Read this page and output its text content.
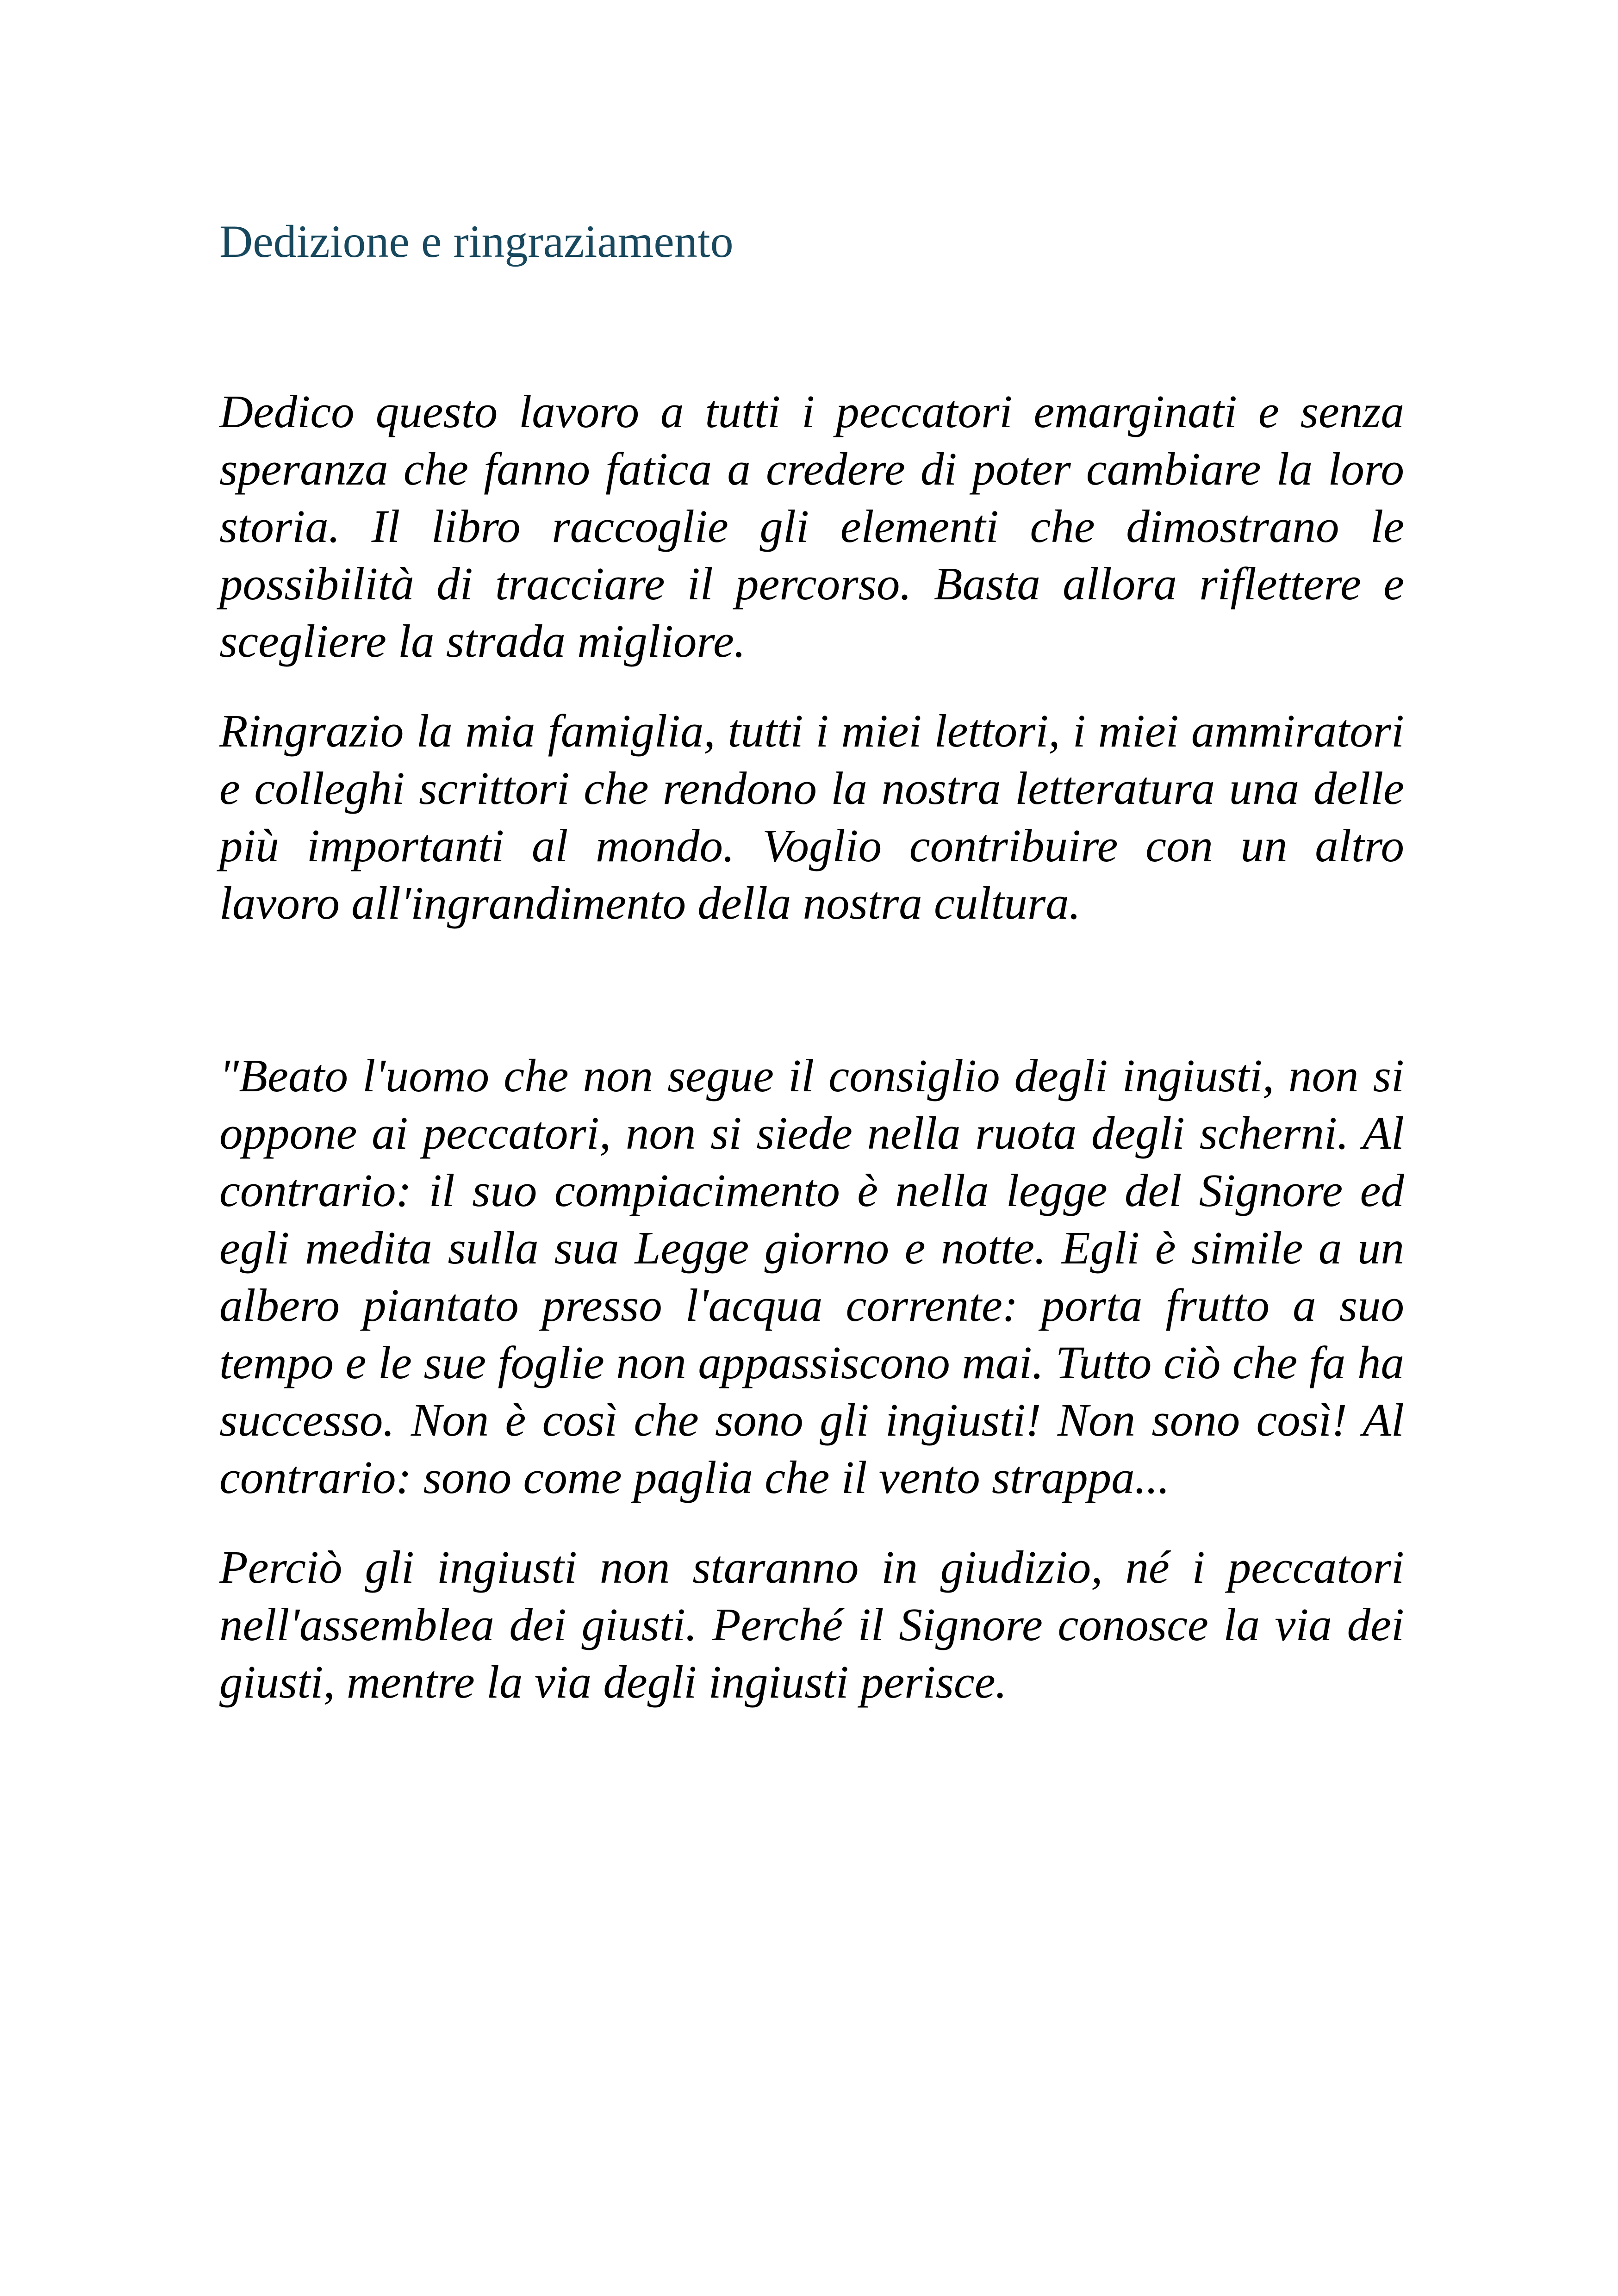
Dedizione e ringraziamento

Dedico questo lavoro a tutti i peccatori emarginati e senza speranza che fanno fatica a credere di poter cambiare la loro storia. Il libro raccoglie gli elementi che dimostrano le possibilità di tracciare il percorso. Basta allora riflettere e scegliere la strada migliore.

Ringrazio la mia famiglia, tutti i miei lettori, i miei ammiratori e colleghi scrittori che rendono la nostra letteratura una delle più importanti al mondo. Voglio contribuire con un altro lavoro all'ingrandimento della nostra cultura.

"Beato l'uomo che non segue il consiglio degli ingiusti, non si oppone ai peccatori, non si siede nella ruota degli scherni. Al contrario: il suo compiacimento è nella legge del Signore ed egli medita sulla sua Legge giorno e notte. Egli è simile a un albero piantato presso l'acqua corrente: porta frutto a suo tempo e le sue foglie non appassiscono mai. Tutto ciò che fa ha successo. Non è così che sono gli ingiusti! Non sono così! Al contrario: sono come paglia che il vento strappa...

Perciò gli ingiusti non staranno in giudizio, né i peccatori nell'assemblea dei giusti. Perché il Signore conosce la via dei giusti, mentre la via degli ingiusti perisce.
